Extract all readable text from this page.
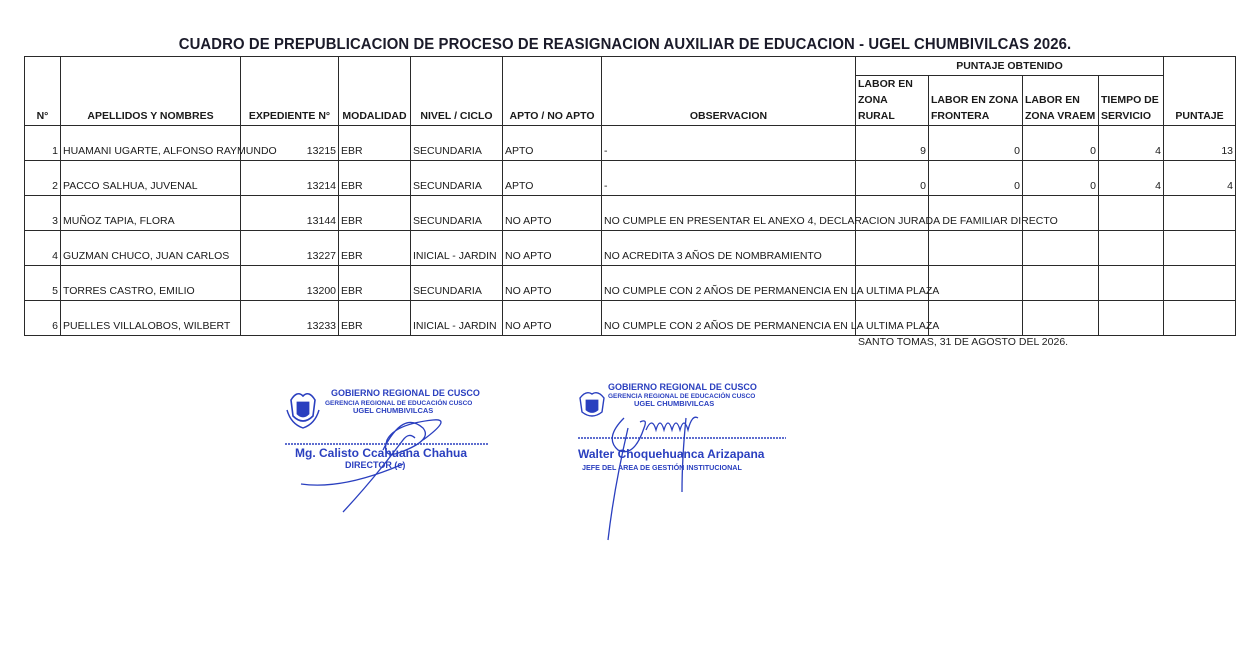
CUADRO DE PREPUBLICACION DE PROCESO DE REASIGNACION AUXILIAR DE EDUCACION - UGEL CHUMBIVILCAS 2026.
N°	APELLIDOS Y NOMBRES	EXPEDIENTE N°	MODALIDAD	NIVEL / CICLO	APTO / NO APTO	OBSERVACION	PUNTAJE OBTENIDO				PUNTAJE
							LABOR EN ZONA RURAL	LABOR EN ZONA FRONTERA	LABOR EN ZONA VRAEM	TIEMPO DE SERVICIO	
1	HUAMANI UGARTE, ALFONSO RAYMUNDO	13215	EBR	SECUNDARIA	APTO	-	9	0	0	4	13
2	PACCO SALHUA, JUVENAL	13214	EBR	SECUNDARIA	APTO	-	0	0	0	4	4
3	MUÑOZ TAPIA, FLORA	13144	EBR	SECUNDARIA	NO APTO	NO CUMPLE EN PRESENTAR EL ANEXO 4, DECLARACION JURADA DE FAMILIAR DIRECTO					
4	GUZMAN CHUCO, JUAN CARLOS	13227	EBR	INICIAL - JARDIN	NO APTO	NO ACREDITA 3 AÑOS DE NOMBRAMIENTO					
5	TORRES CASTRO, EMILIO	13200	EBR	SECUNDARIA	NO APTO	NO CUMPLE CON 2 AÑOS DE PERMANENCIA EN LA ULTIMA PLAZA					
6	PUELLES VILLALOBOS, WILBERT	13233	EBR	INICIAL - JARDIN	NO APTO	NO CUMPLE CON 2 AÑOS DE PERMANENCIA EN LA ULTIMA PLAZA					
SANTO TOMAS, 31 DE AGOSTO DEL 2026.
GOBIERNO REGIONAL DE CUSCO
GERENCIA REGIONAL DE EDUCACIÓN CUSCO
UGEL CHUMBIVILCAS
Mg. Calisto Ccahuana Chahua
DIRECTOR (e)
GOBIERNO REGIONAL DE CUSCO
GERENCIA REGIONAL DE EDUCACIÓN CUSCO
UGEL CHUMBIVILCAS
Walter Choquehuanca Arizapana
JEFE DEL AREA DE GESTIÓN INSTITUCIONAL
